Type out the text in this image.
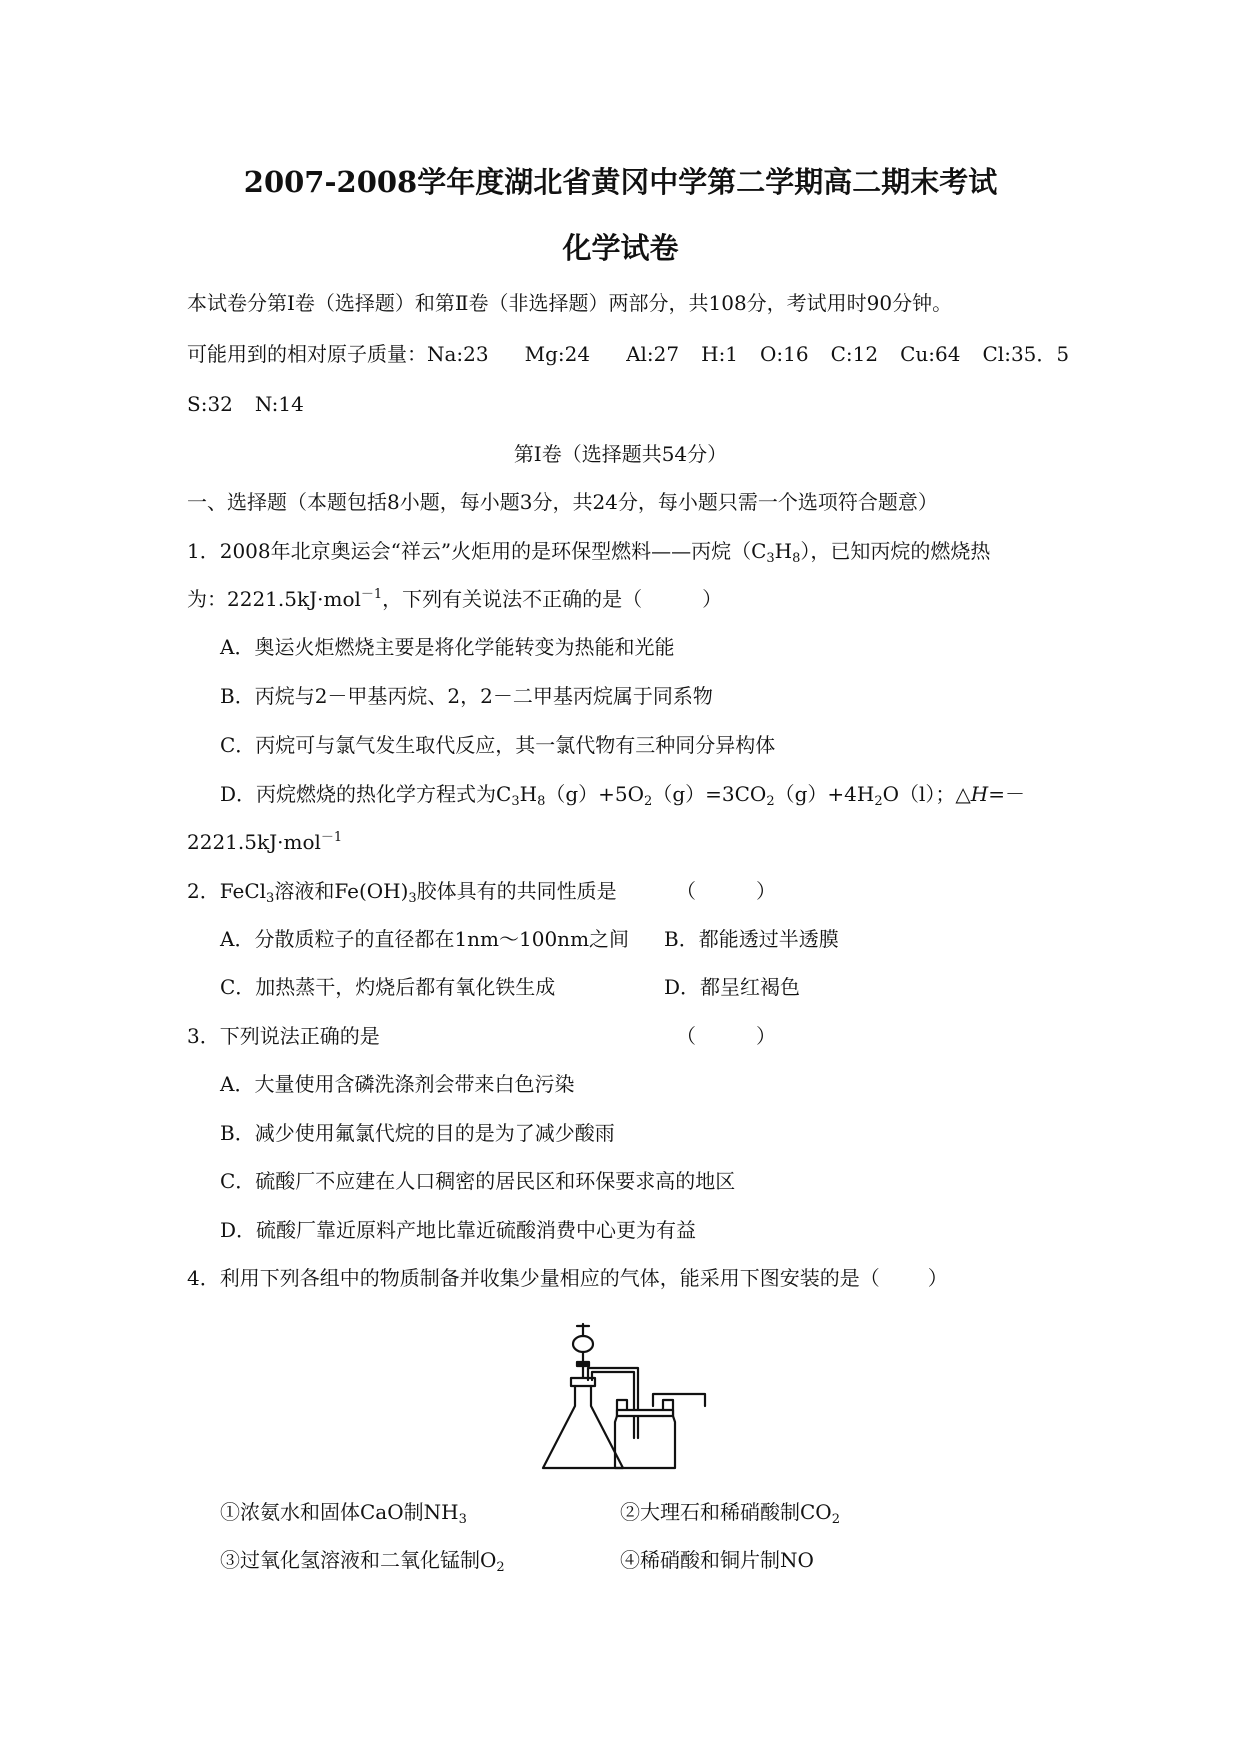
2007-2008学年度湖北省黄冈中学第二学期高二期末考试
化学试卷
本试卷分第Ⅰ卷（选择题）和第Ⅱ卷（非选择题）两部分，共108分，考试用时90分钟。
可能用到的相对原子质量：Na:23 Mg:24 Al:27 H:1 O:16 C:12 Cu:64 Cl:35．5
S:32 N:14
第Ⅰ卷（选择题共54分）
一、选择题（本题包括8小题，每小题3分，共24分，每小题只需一个选项符合题意）
1．2008年北京奥运会“祥云”火炬用的是环保型燃料——丙烷$(C_3H_8)$，已知丙烷的燃烧热
为：2221.5kJ·mol$^{-1}$，下列有关说法不正确的是（	）
A．奥运火炬燃烧主要是将化学能转变为热能和光能
B．丙烷与2－甲基丙烷、2，2－二甲基丙烷属于同系物
C．丙烷可与氯气发生取代反应，其一氯代物有三种同分异构体
D．丙烷燃烧的热化学方程式为$C_3H_8(g)+5O_2(g)=3CO_2(g)+4H_2O(l)$；△H=－
2221.5kJ·mol$^{-1}$
2．FeCl$_3$溶液和$Fe(OH)_3$胶体具有的共同性质是	（	）
A．分散质粒子的直径都在1nm～100nm之间 B．都能透过半透膜
C．加热蒸干，灼烧后都有氧化铁生成	D．都呈红褐色
3．下列说法正确的是	（	）
A．大量使用含磷洗涤剂会带来白色污染
B．减少使用氟氯代烷的目的是为了减少酸雨
C．硫酸厂不应建在人口稠密的居民区和环保要求高的地区
D．硫酸厂靠近原料产地比靠近硫酸消费中心更为有益
4．利用下列各组中的物质制备并收集少量相应的气体，能采用下图安装的是（ ）
①浓氨水和固体CaO制$NH_3$	②大理石和稀硝酸制$CO_2$
③过氧化氢溶液和二氧化锰制$O_2$	④稀硝酸和铜片制NO
